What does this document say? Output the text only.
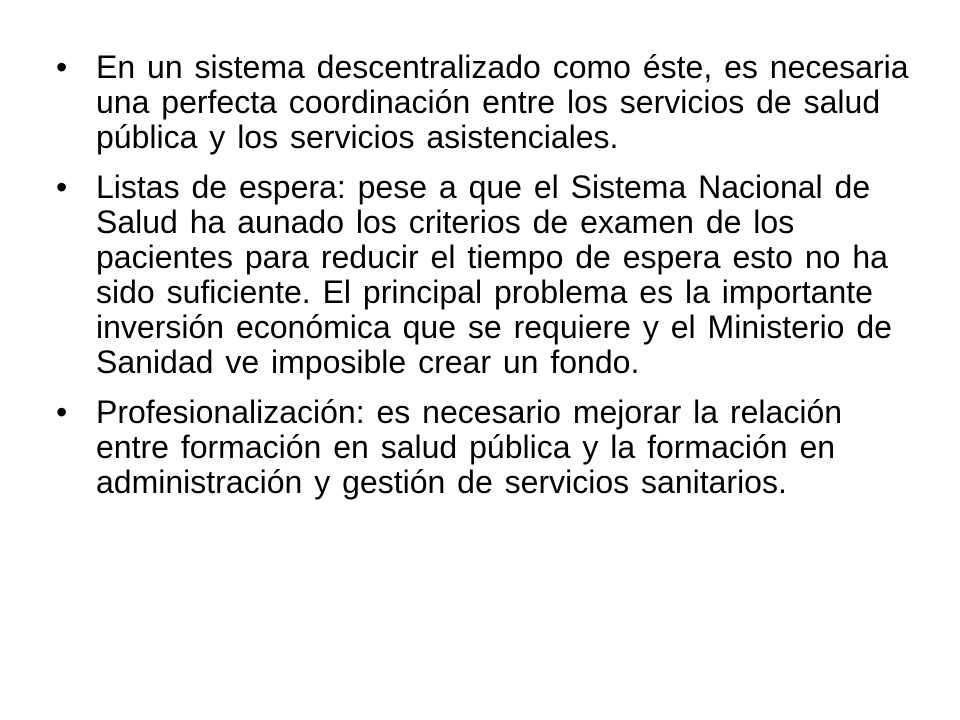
• En un sistema descentralizado como éste, es necesaria una perfecta coordinación entre los servicios de salud pública y los servicios asistenciales.
• Listas de espera: pese a que el Sistema Nacional de Salud ha aunado los criterios de examen de los pacientes para reducir el tiempo de espera esto no ha sido suficiente. El principal problema es la importante inversión económica que se requiere y el Ministerio de Sanidad ve imposible crear un fondo.
• Profesionalización: es necesario mejorar la relación entre formación en salud pública y la formación en administración y gestión de servicios sanitarios.
